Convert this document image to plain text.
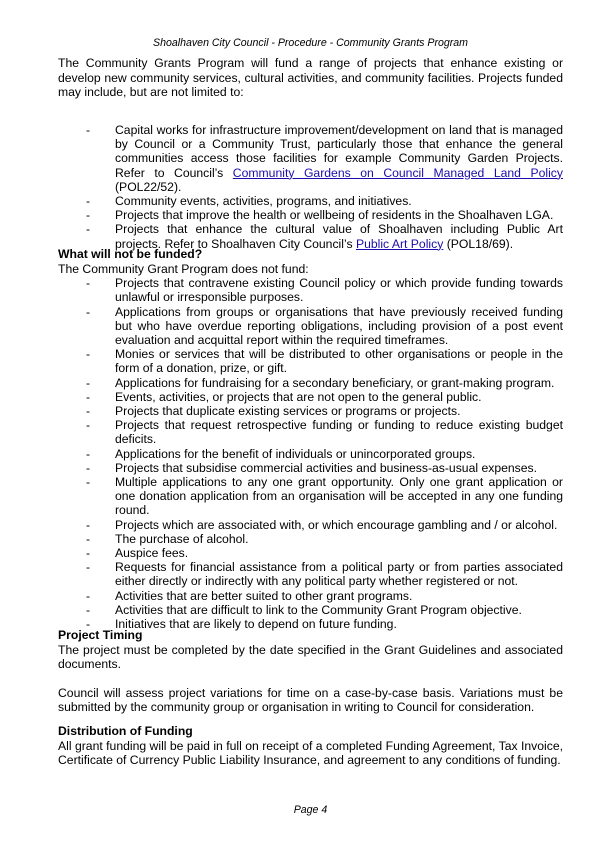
Shoalhaven City Council - Procedure - Community Grants Program

The Community Grants Program will fund a range of projects that enhance existing or develop new community services, cultural activities, and community facilities. Projects funded may include, but are not limited to:

- Capital works for infrastructure improvement/development on land that is managed by Council or a Community Trust, particularly those that enhance the general communities access those facilities for example Community Garden Projects. Refer to Council’s Community Gardens on Council Managed Land Policy (POL22/52).
- Community events, activities, programs, and initiatives.
- Projects that improve the health or wellbeing of residents in the Shoalhaven LGA.
- Projects that enhance the cultural value of Shoalhaven including Public Art projects. Refer to Shoalhaven City Council’s Public Art Policy (POL18/69).

What will not be funded?

The Community Grant Program does not fund:

- Projects that contravene existing Council policy or which provide funding towards unlawful or irresponsible purposes.
- Applications from groups or organisations that have previously received funding but who have overdue reporting obligations, including provision of a post event evaluation and acquittal report within the required timeframes.
- Monies or services that will be distributed to other organisations or people in the form of a donation, prize, or gift.
- Applications for fundraising for a secondary beneficiary, or grant-making program.
- Events, activities, or projects that are not open to the general public.
- Projects that duplicate existing services or programs or projects.
- Projects that request retrospective funding or funding to reduce existing budget deficits.
- Applications for the benefit of individuals or unincorporated groups.
- Projects that subsidise commercial activities and business-as-usual expenses.
- Multiple applications to any one grant opportunity. Only one grant application or one donation application from an organisation will be accepted in any one funding round.
- Projects which are associated with, or which encourage gambling and / or alcohol.
- The purchase of alcohol.
- Auspice fees.
- Requests for financial assistance from a political party or from parties associated either directly or indirectly with any political party whether registered or not.
- Activities that are better suited to other grant programs.
- Activities that are difficult to link to the Community Grant Program objective.
- Initiatives that are likely to depend on future funding.

Project Timing

The project must be completed by the date specified in the Grant Guidelines and associated documents.

Council will assess project variations for time on a case-by-case basis. Variations must be submitted by the community group or organisation in writing to Council for consideration.

Distribution of Funding

All grant funding will be paid in full on receipt of a completed Funding Agreement, Tax Invoice, Certificate of Currency Public Liability Insurance, and agreement to any conditions of funding.

Page 4
